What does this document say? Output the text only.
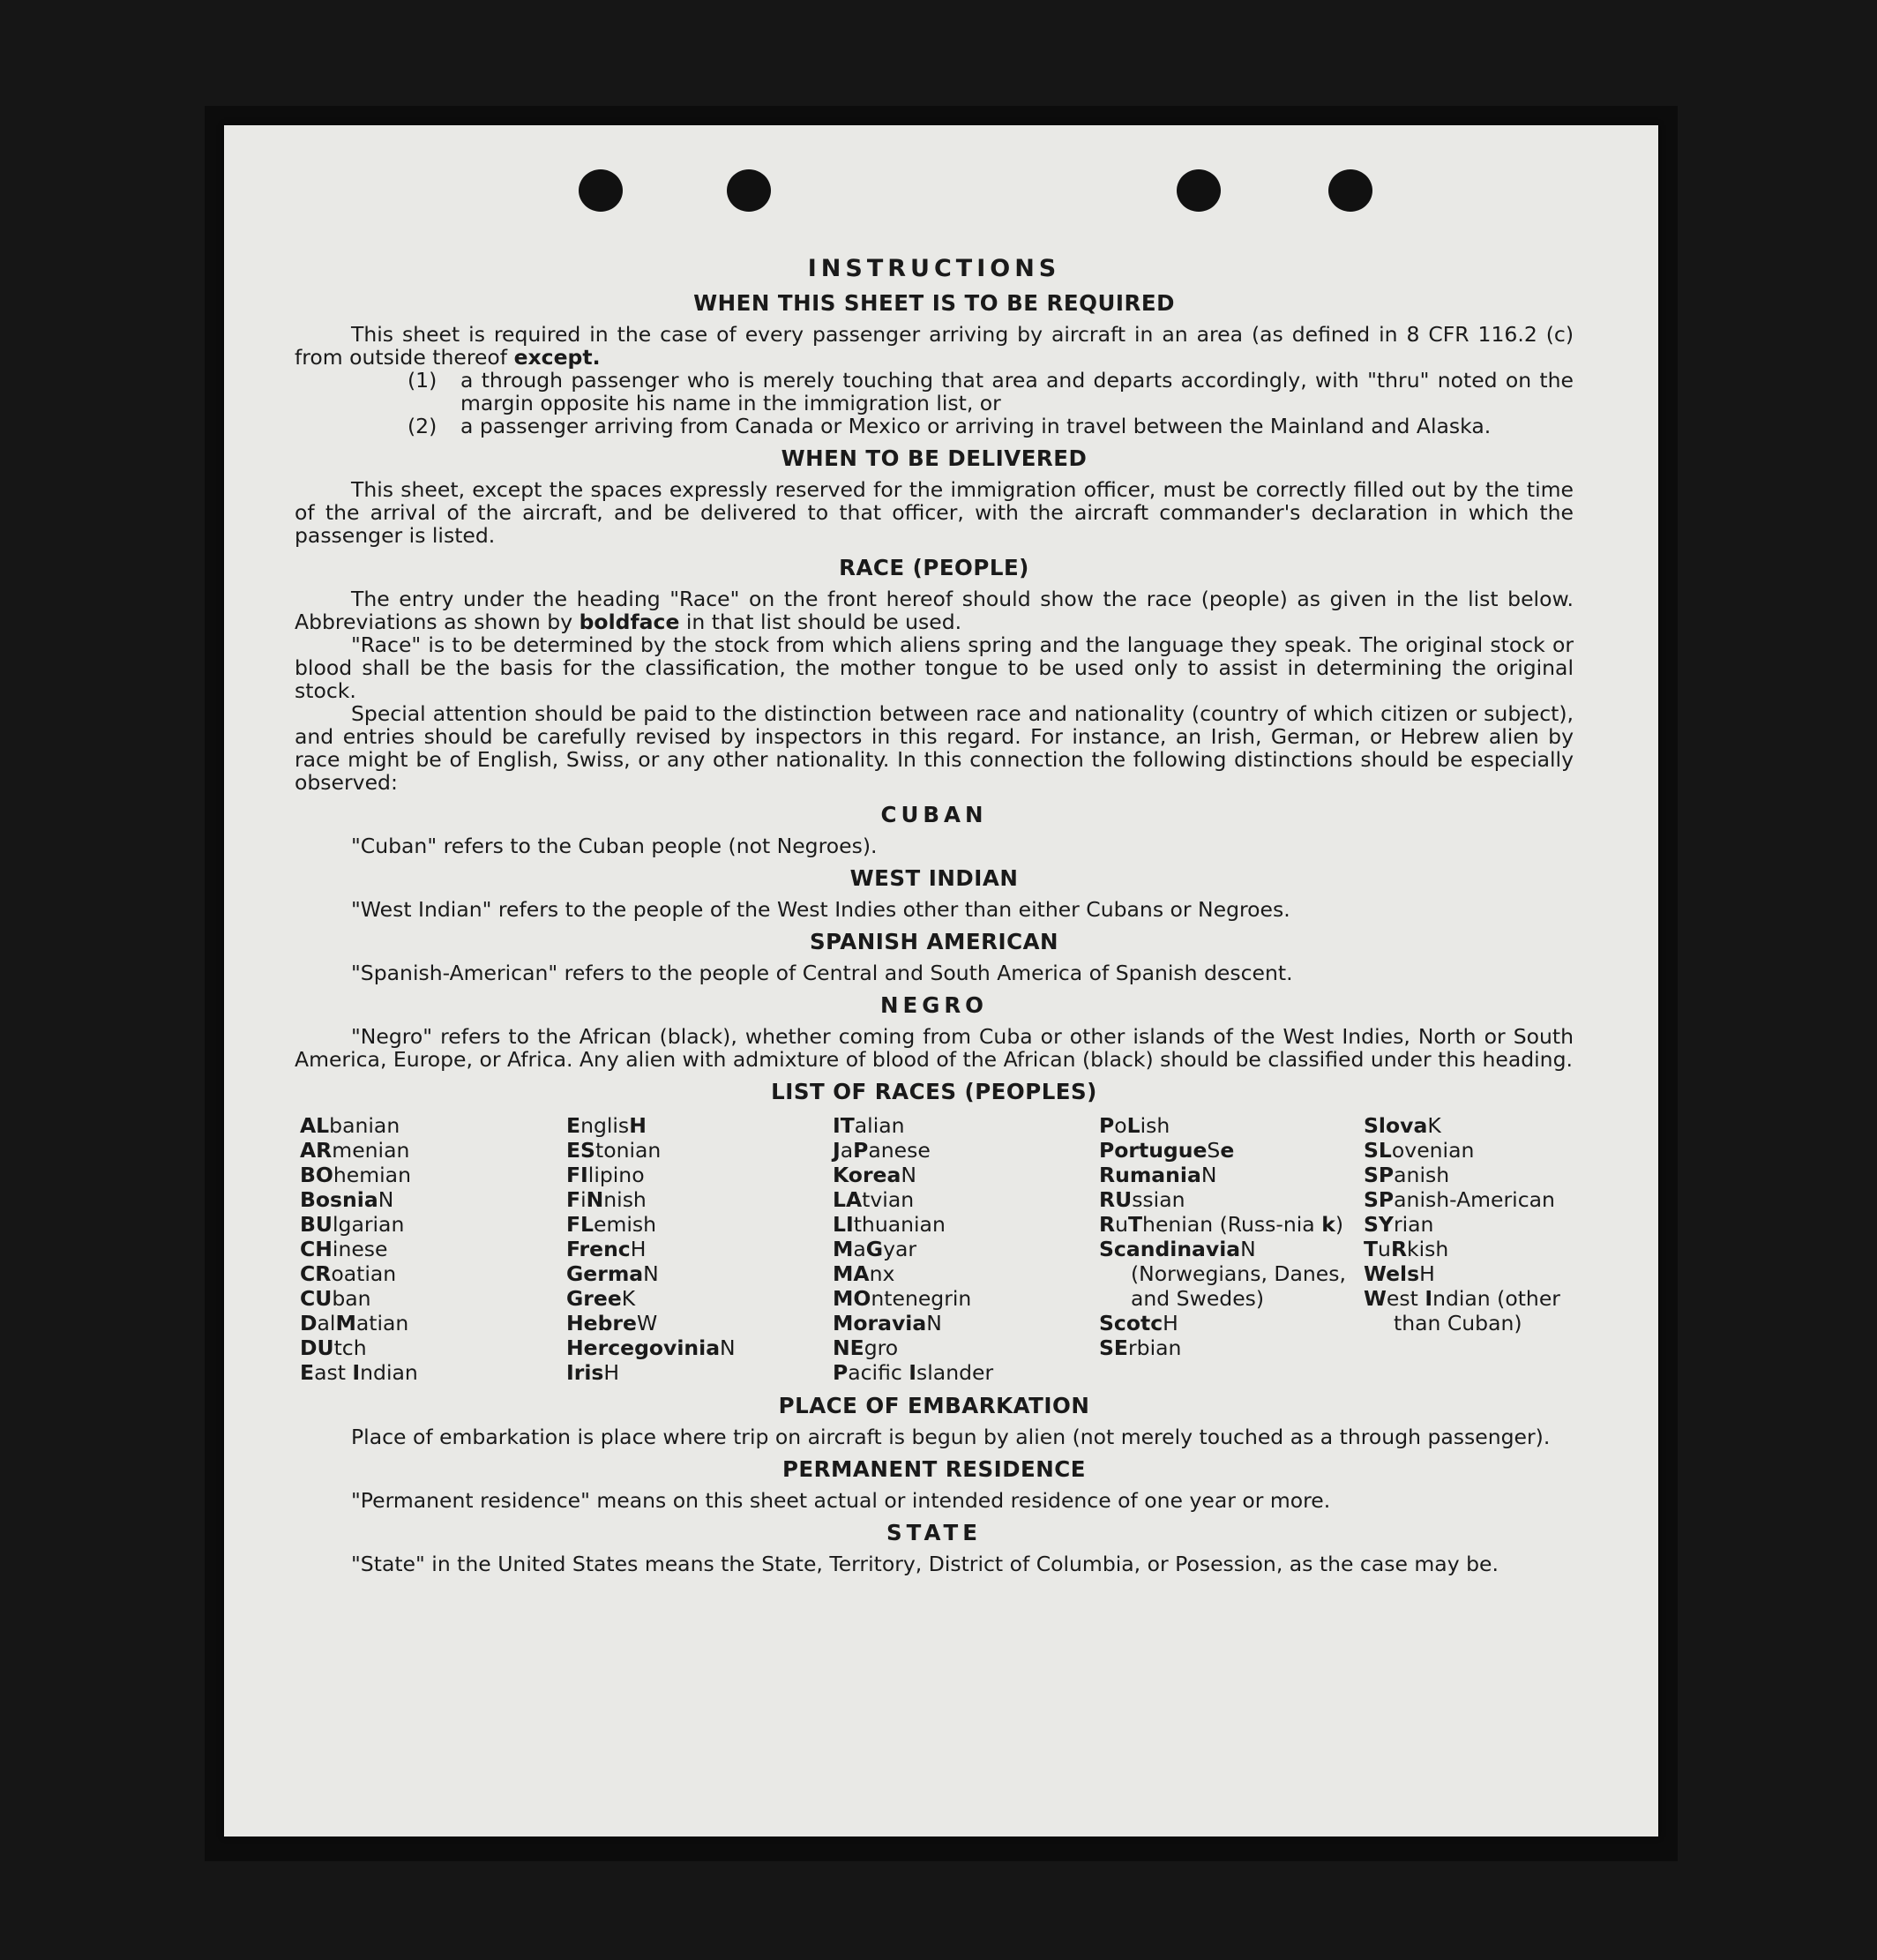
INSTRUCTIONS
WHEN THIS SHEET IS TO BE REQUIRED

This sheet is required in the case of every passenger arriving by aircraft in an area (as defined in 8 CFR 116.2 (c) from outside thereof except.

(1)	a through passenger who is merely touching that area and departs accordingly, with "thru" noted on the margin opposite his name in the immigration list, or
(2)	a passenger arriving from Canada or Mexico or arriving in travel between the Mainland and Alaska.
WHEN TO BE DELIVERED

This sheet, except the spaces expressly reserved for the immigration officer, must be correctly filled out by the time of the arrival of the aircraft, and be delivered to that officer, with the aircraft commander's declaration in which the passenger is listed.

RACE (PEOPLE)

The entry under the heading "Race" on the front hereof should show the race (people) as given in the list below. Abbreviations as shown by boldface in that list should be used.

"Race" is to be determined by the stock from which aliens spring and the language they speak. The original stock or blood shall be the basis for the classification, the mother tongue to be used only to assist in determining the original stock.

Special attention should be paid to the distinction between race and nationality (country of which citizen or subject), and entries should be carefully revised by inspectors in this regard. For instance, an Irish, German, or Hebrew alien by race might be of English, Swiss, or any other nationality. In this connection the following distinctions should be especially observed:

CUBAN

"Cuban" refers to the Cuban people (not Negroes).

WEST INDIAN

"West Indian" refers to the people of the West Indies other than either Cubans or Negroes.

SPANISH AMERICAN

"Spanish-American" refers to the people of Central and South America of Spanish descent.

NEGRO

"Negro" refers to the African (black), whether coming from Cuba or other islands of the West Indies, North or South America, Europe, or Africa. Any alien with admixture of blood of the African (black) should be classified under this heading.

LIST OF RACES (PEOPLES)
ALbanian
ARmenian
BOhemian
BosniaN
BUlgarian
CHinese
CRoatian
CUban
DalMatian
DUtch
East Indian
EnglisH
EStonian
FIlipino
FiNnish
FLemish
FrencH
GermaN
GreeK
HebreW
HercegoviniaN
IrisH
ITalian
JaPanese
KoreaN
LAtvian
LIthuanian
MaGyar
MAnx
MOntenegrin
MoraviaN
NEgro
Pacific Islander
PoLish
PortugueSe
RumaniaN
RUssian
RuThenian (Russ-nia k)
ScandinaviaN
(Norwegians, Danes, and Swedes)
ScotcH
SErbian
SlovaK
SLovenian
SPanish
SPanish-American
SYrian
TuRkish
WelsH
West Indian (other than Cuban)
PLACE OF EMBARKATION

Place of embarkation is place where trip on aircraft is begun by alien (not merely touched as a through passenger).

PERMANENT RESIDENCE

"Permanent residence" means on this sheet actual or intended residence of one year or more.

STATE

"State" in the United States means the State, Territory, District of Columbia, or Posession, as the case may be.
